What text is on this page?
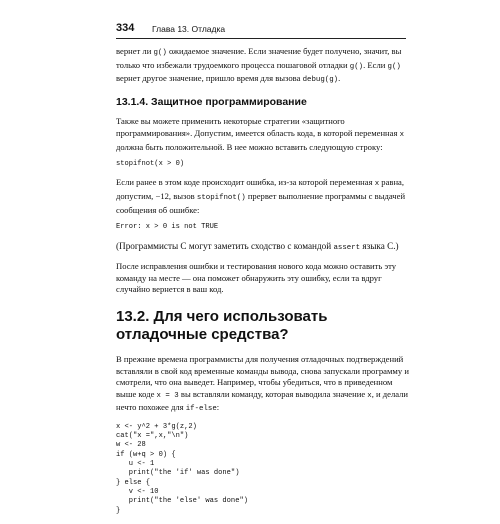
334 Глава 13. Отладка

вернет ли g() ожидаемое значение. Если значение будет получено, значит, вы только что избежали трудоемкого процесса пошаговой отладки g(). Если g() вернет другое значение, пришло время для вызова debug(g).

13.1.4. Защитное программирование

Также вы можете применить некоторые стратегии «защитного программирования». Допустим, имеется область кода, в которой переменная x должна быть положительной. В нее можно вставить следующую строку:

stopifnot(x > 0)

Если ранее в этом коде происходит ошибка, из-за которой переменная x равна, допустим, −12, вызов stopifnot() прервет выполнение программы с выдачей сообщения об ошибке:

Error: x > 0 is not TRUE

(Программисты С могут заметить сходство с командой assert языка С.)

После исправления ошибки и тестирования нового кода можно оставить эту команду на месте — она поможет обнаружить эту ошибку, если та вдруг случайно вернется в ваш код.

13.2. Для чего использовать отладочные средства?

В прежние времена программисты для получения отладочных подтверждений вставляли в свой код временные команды вывода, снова запускали программу и смотрели, что она выведет. Например, чтобы убедиться, что в приведенном выше коде x = 3 вы вставляли команду, которая выводила значение x, и делали нечто похожее для if-else:

x <- y^2 + 3*g(z,2)
cat("x =",x,"\n")
w <- 28
if (w+q > 0) {
u <- 1
print("the 'if' was done")
} else {
v <- 10
print("the 'else' was done")
}
